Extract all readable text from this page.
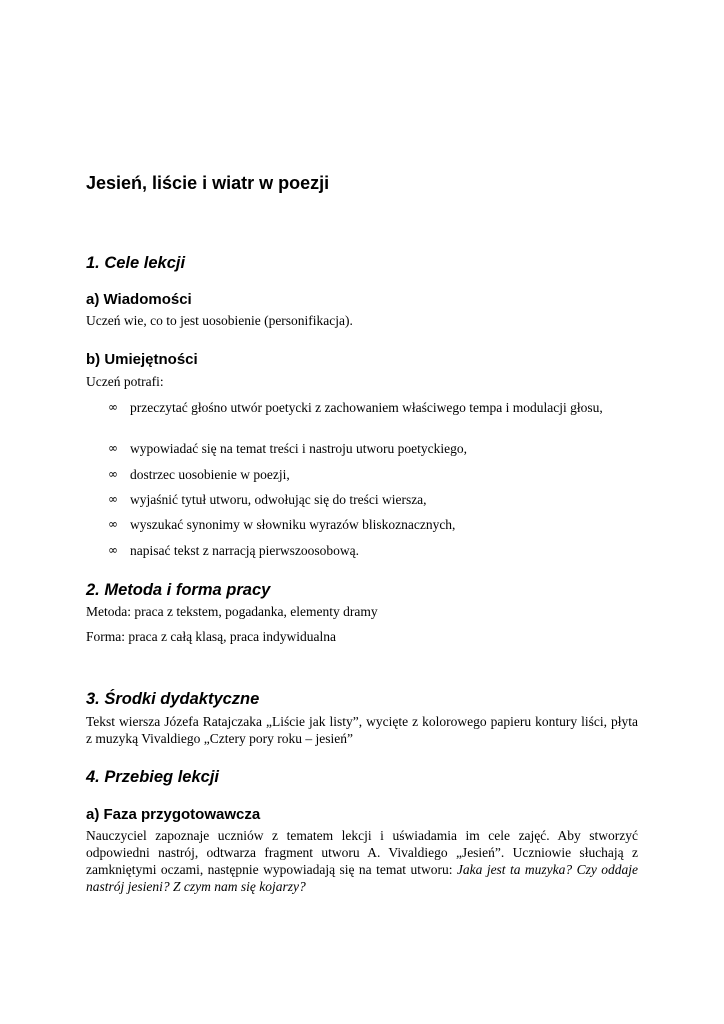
Jesień, liście i wiatr w poezji
1. Cele lekcji
a) Wiadomości

Uczeń wie, co to jest uosobienie (personifikacja).

b) Umiejętności

Uczeń potrafi:

∞ przeczytać głośno utwór poetycki z zachowaniem właściwego tempa i modulacji głosu,
∞ wypowiadać się na temat treści i nastroju utworu poetyckiego,
∞ dostrzec uosobienie w poezji,
∞ wyjaśnić tytuł utworu, odwołując się do treści wiersza,
∞ wyszukać synonimy w słowniku wyrazów bliskoznacznych,
∞ napisać tekst z narracją pierwszoosobową.
2. Metoda i forma pracy

Metoda: praca z tekstem, pogadanka, elementy dramy

Forma: praca z całą klasą, praca indywidualna

3. Środki dydaktyczne

Tekst wiersza Józefa Ratajczaka „Liście jak listy”, wycięte z kolorowego papieru kontury liści, płyta z muzyką Vivaldiego „Cztery pory roku – jesień”

4. Przebieg lekcji
a) Faza przygotowawcza

Nauczyciel zapoznaje uczniów z tematem lekcji i uświadamia im cele zajęć. Aby stworzyć odpowiedni nastrój, odtwarza fragment utworu A. Vivaldiego „Jesień”. Uczniowie słuchają z zamkniętymi oczami, następnie wypowiadają się na temat utworu: Jaka jest ta muzyka? Czy oddaje nastrój jesieni? Z czym nam się kojarzy?
